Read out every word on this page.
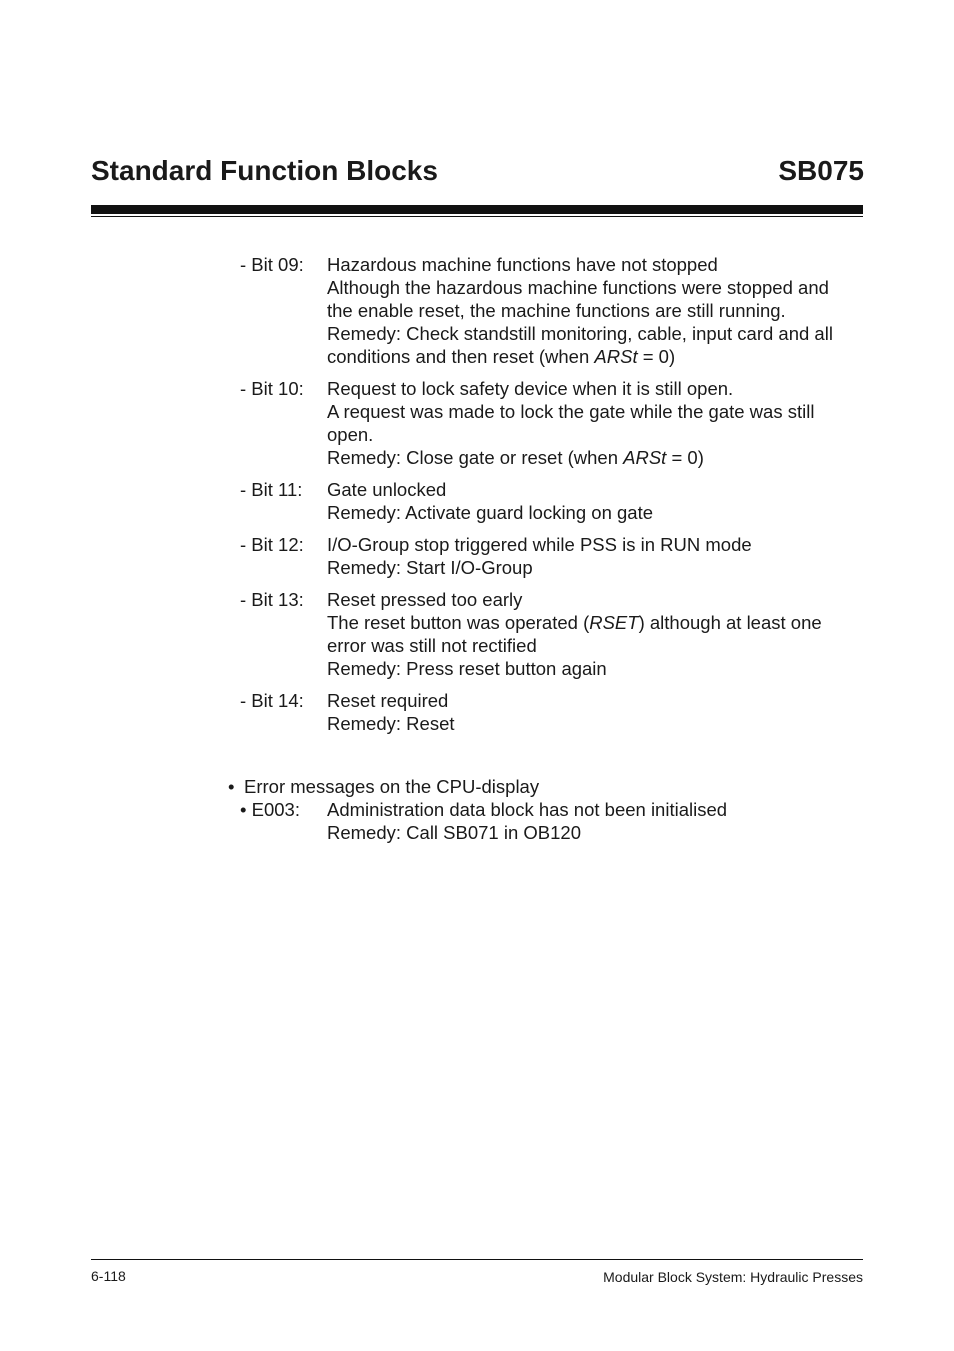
Standard Function Blocks	SB075
- Bit 09:	Hazardous machine functions have not stopped
Although the hazardous machine functions were stopped and
the enable reset, the machine functions are still running.
Remedy: Check standstill monitoring, cable, input card and all
conditions and then reset (when ARSt = 0)
- Bit 10:	Request to lock safety device when it is still open.
A request was made to lock the gate while the gate was still
open.
Remedy: Close gate or reset (when ARSt = 0)
- Bit 11:	Gate unlocked
Remedy: Activate guard locking on gate
- Bit 12:	I/O-Group stop triggered while PSS is in RUN mode
Remedy: Start I/O-Group
- Bit 13:	Reset pressed too early
The reset button was operated (RSET) although at least one
error was still not rectified
Remedy: Press reset button again
- Bit 14:	Reset required
Remedy: Reset
• Error messages on the CPU-display
• E003:	Administration data block has not been initialised
Remedy: Call SB071 in OB120
6-118	Modular Block System: Hydraulic Presses
